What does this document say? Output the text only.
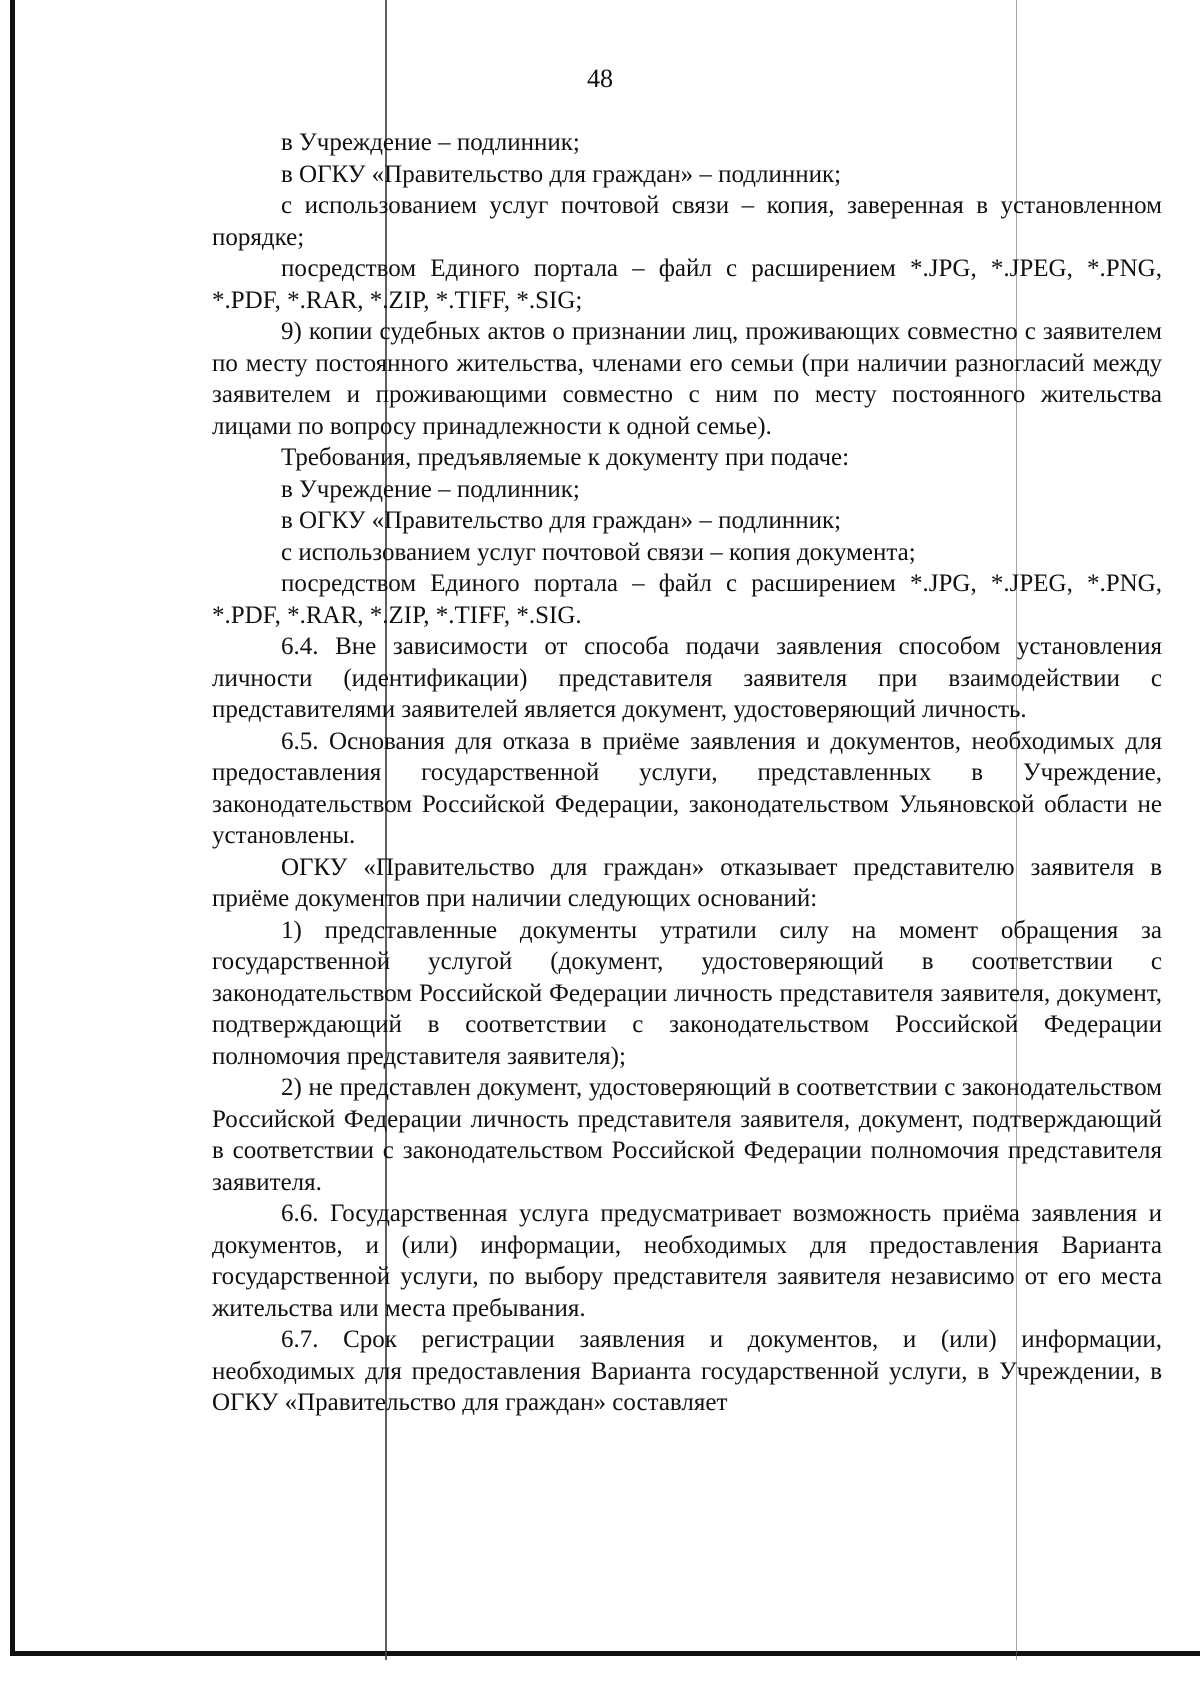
48

в Учреждение – подлинник;

в ОГКУ «Правительство для граждан» – подлинник;

с использованием услуг почтовой связи – копия, заверенная в установленном порядке;

посредством Единого портала – файл с расширением *.JPG, *.JPEG, *.PNG, *.PDF, *.RAR, *.ZIP, *.TIFF, *.SIG;

9) копии судебных актов о признании лиц, проживающих совместно с заявителем по месту постоянного жительства, членами его семьи (при наличии разногласий между заявителем и проживающими совместно с ним по месту постоянного жительства лицами по вопросу принадлежности к одной семье).

Требования, предъявляемые к документу при подаче:

в Учреждение – подлинник;

в ОГКУ «Правительство для граждан» – подлинник;

с использованием услуг почтовой связи – копия документа;

посредством Единого портала – файл с расширением *.JPG, *.JPEG, *.PNG, *.PDF, *.RAR, *.ZIP, *.TIFF, *.SIG.

6.4. Вне зависимости от способа подачи заявления способом установления личности (идентификации) представителя заявителя при взаимодействии с представителями заявителей является документ, удостоверяющий личность.

6.5. Основания для отказа в приёме заявления и документов, необходимых для предоставления государственной услуги, представленных в Учреждение, законодательством Российской Федерации, законодательством Ульяновской области не установлены.

ОГКУ «Правительство для граждан» отказывает представителю заявителя в приёме документов при наличии следующих оснований:

1) представленные документы утратили силу на момент обращения за государственной услугой (документ, удостоверяющий в соответствии с законодательством Российской Федерации личность представителя заявителя, документ, подтверждающий в соответствии с законодательством Российской Федерации полномочия представителя заявителя);

2) не представлен документ, удостоверяющий в соответствии с законодательством Российской Федерации личность представителя заявителя, документ, подтверждающий в соответствии с законодательством Российской Федерации полномочия представителя заявителя.

6.6. Государственная услуга предусматривает возможность приёма заявления и документов, и (или) информации, необходимых для предоставления Варианта государственной услуги, по выбору представителя заявителя независимо от его места жительства или места пребывания.

6.7. Срок регистрации заявления и документов, и (или) информации, необходимых для предоставления Варианта государственной услуги, в Учреждении, в ОГКУ «Правительство для граждан» составляет
